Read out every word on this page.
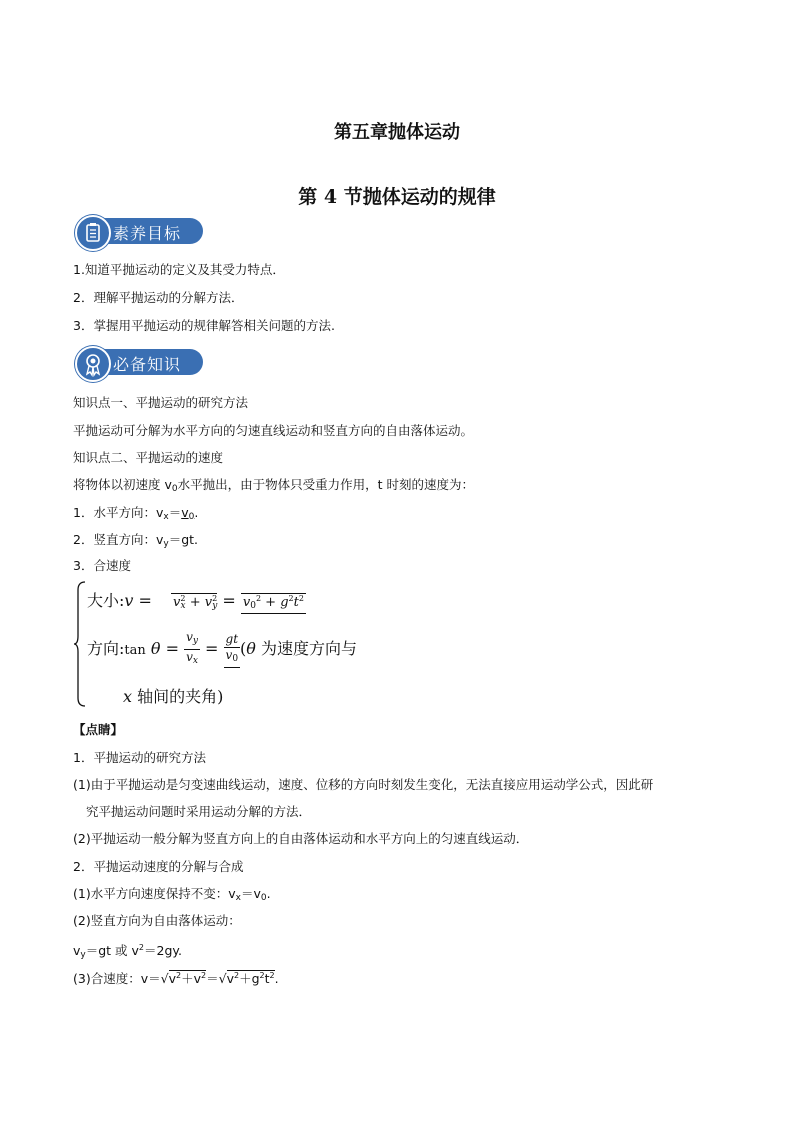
第五章抛体运动
第 4 节抛体运动的规律
素养目标
1.知道平抛运动的定义及其受力特点．
2．理解平抛运动的分解方法．
3．掌握用平抛运动的规律解答相关问题的方法.
必备知识
知识点一、平抛运动的研究方法
平抛运动可分解为水平方向的匀速直线运动和竖直方向的自由落体运动。
知识点二、平抛运动的速度
将物体以初速度 $v_0$水平抛出，由于物体只受重力作用，t 时刻的速度为：
1．水平方向：$v_x=v_0$.
2．竖直方向：$v_y=gt$.
3．合速度
大小:v = $v^2_x + v^2_y = v_0^2 + g^2t^2$
方向:tan $\theta = \frac{v_y}{v_x} = \frac{gt}{v_0} (\theta$ 为速度方向与
x 轴间的夹角)
【点睛】
1．平抛运动的研究方法
(1)由于平抛运动是匀变速曲线运动，速度、位移的方向时刻发生变化，无法直接应用运动学公式，因此研
究平抛运动问题时采用运动分解的方法．
(2)平抛运动一般分解为竖直方向上的自由落体运动和水平方向上的匀速直线运动．
2．平抛运动速度的分解与合成
(1)水平方向速度保持不变：$v_x=v_0$.
(2)竖直方向为自由落体运动：
$v_y=gt$ 或 $v^2=2gy$.
(3)合速度：$v=√v^2+v^2=√v^2+g^2t^2$.
